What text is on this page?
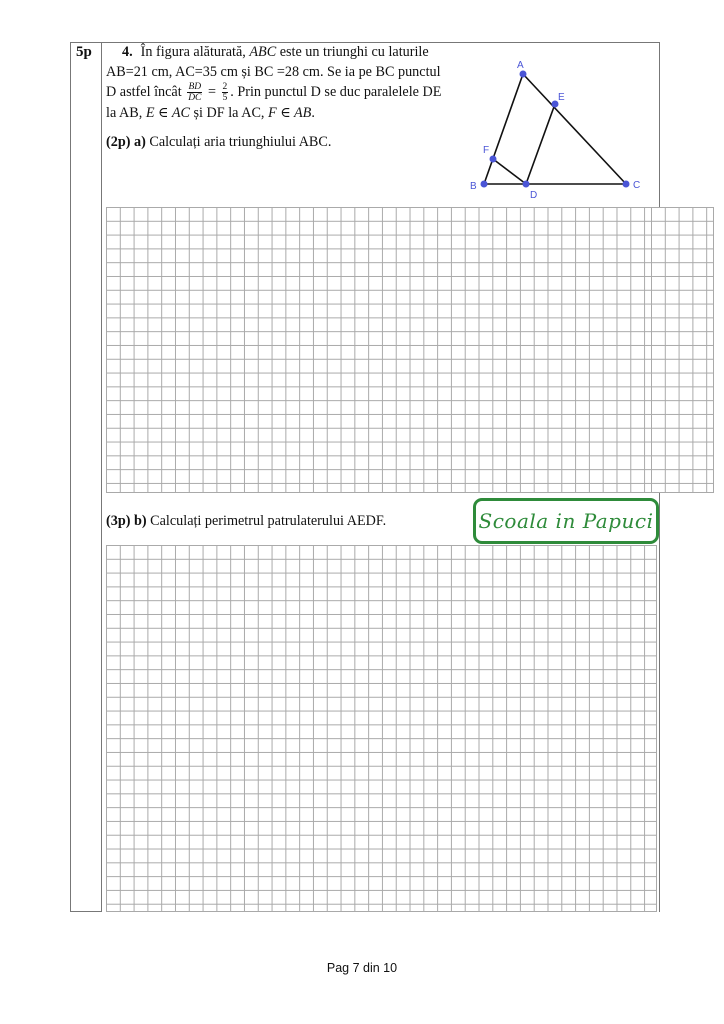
5p	4. În figura alăturată, ABC este un triunghi cu laturile
AB=21 cm, AC=35 cm și BC =28 cm. Se ia pe BC punctul
D astfel încât $\frac{BD}{DC} = \frac{2}{5}$ . Prin punctul D se duc paralelele DE
la AB, E ∈ AC și DF la AC, F ∈ AB.
(2p) a) Calculați aria triunghiului ABC.
A
B	C
D
E
F
(3p) b) Calculați perimetrul patrulaterului AEDF.	Scoala in Papuci
Pag 7 din 10
